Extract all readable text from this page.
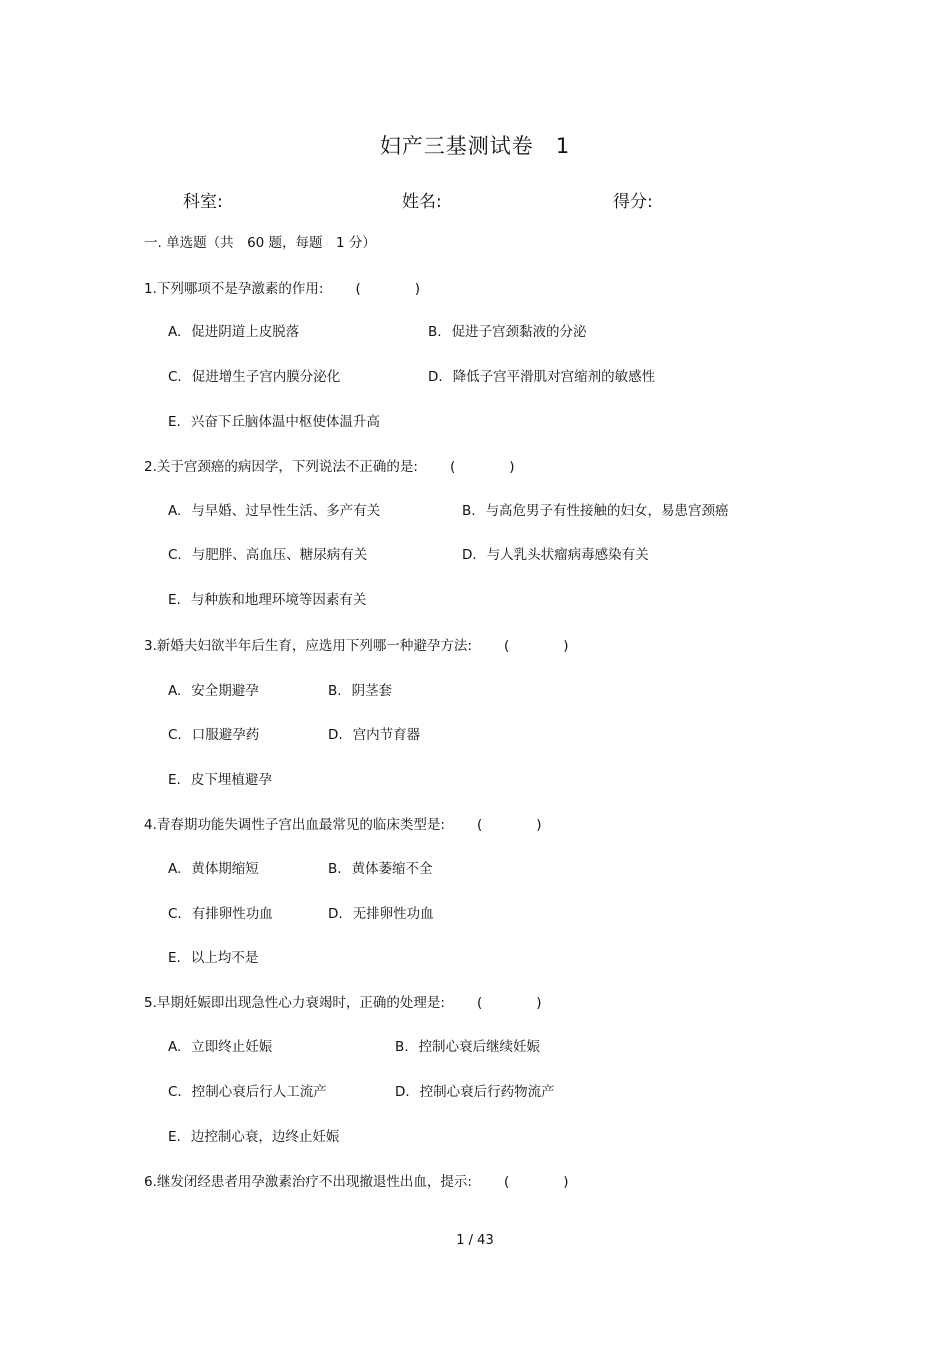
妇产三基测试卷 1
科室:	姓名:	得分:
一. 单选题（共　60 题，每题　1 分）
1.下列哪项不是孕激素的作用: (	)
A. 促进阴道上皮脱落	B. 促进子宫颈黏液的分泌
C. 促进增生子宫内膜分泌化	D. 降低子宫平滑肌对宫缩剂的敏感性
E. 兴奋下丘脑体温中枢使体温升高
2.关于宫颈癌的病因学，下列说法不正确的是: (	)
A. 与早婚、过早性生活、多产有关	B. 与高危男子有性接触的妇女，易患宫颈癌
C. 与肥胖、高血压、糖尿病有关	D. 与人乳头状瘤病毒感染有关
E. 与种族和地理环境等因素有关
3.新婚夫妇欲半年后生育，应选用下列哪一种避孕方法: (	)
A. 安全期避孕	B. 阴茎套
C. 口服避孕药	D. 宫内节育器
E. 皮下埋植避孕
4.青春期功能失调性子宫出血最常见的临床类型是: (	)
A. 黄体期缩短	B. 黄体萎缩不全
C. 有排卵性功血	D. 无排卵性功血
E. 以上均不是
5.早期妊娠即出现急性心力衰竭时，正确的处理是: (	)
A. 立即终止妊娠	B. 控制心衰后继续妊娠
C. 控制心衰后行人工流产	D. 控制心衰后行药物流产
E. 边控制心衰，边终止妊娠
6.继发闭经患者用孕激素治疗不出现撤退性出血，提示: (	)
1 / 43
